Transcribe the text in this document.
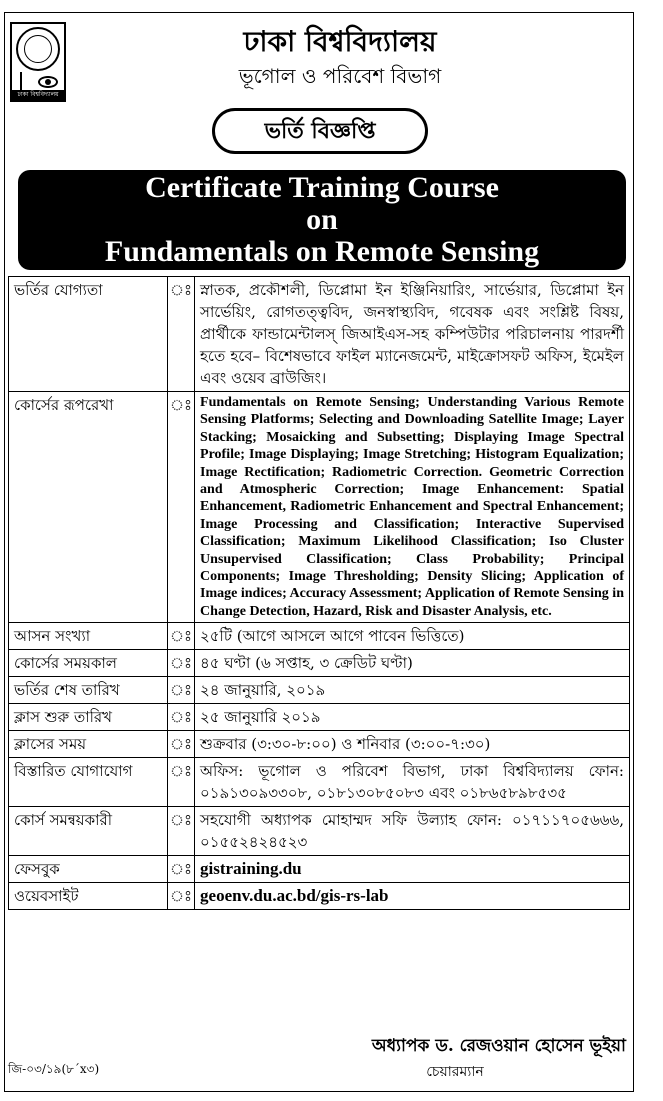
ঢাকা বিশ্ববিদ্যালয়
ঢাকা বিশ্ববিদ্যালয়
ভূগোল ও পরিবেশ বিভাগ
ভর্তি বিজ্ঞপ্তি
Certificate Training Course
on
Fundamentals on Remote Sensing
ভর্তির যোগ্যতা	ঃ	স্নাতক, প্রকৌশলী, ডিপ্লোমা ইন ইঞ্জিনিয়ারিং, সার্ভেয়ার, ডিপ্লোমা ইন সার্ভেয়িং, রোগতত্ত্ববিদ, জনস্বাস্থ্যবিদ, গবেষক এবং সংশ্লিষ্ট বিষয়, প্রার্থীকে ফান্ডামেন্টালস্ জিআইএস-সহ কম্পিউটার পরিচালনায় পারদর্শী হতে হবে– বিশেষভাবে ফাইল ম্যানেজমেন্ট, মাইক্রোসফট অফিস, ইমেইল এবং ওয়েব ব্রাউজিং।
কোর্সের রূপরেখা	ঃ	Fundamentals on Remote Sensing; Understanding Various Remote Sensing Platforms; Selecting and Downloading Satellite Image; Layer Stacking; Mosaicking and Subsetting; Displaying Image Spectral Profile; Image Displaying; Image Stretching; Histogram Equalization; Image Rectification; Radiometric Correction. Geometric Correction and Atmospheric Correction; Image Enhancement: Spatial Enhancement, Radiometric Enhancement and Spectral Enhancement; Image Processing and Classification; Interactive Supervised Classification; Maximum Likelihood Classification; Iso Cluster Unsupervised Classification; Class Probability; Principal Components; Image Thresholding; Density Slicing; Application of Image indices; Accuracy Assessment; Application of Remote Sensing in Change Detection, Hazard, Risk and Disaster Analysis, etc.
আসন সংখ্যা	ঃ	২৫টি (আগে আসলে আগে পাবেন ভিত্তিতে)
কোর্সের সময়কাল	ঃ	৪৫ ঘণ্টা (৬ সপ্তাহ, ৩ ক্রেডিট ঘণ্টা)
ভর্তির শেষ তারিখ	ঃ	২৪ জানুয়ারি, ২০১৯
ক্লাস শুরু তারিখ	ঃ	২৫ জানুয়ারি ২০১৯
ক্লাসের সময়	ঃ	শুক্রবার (৩:৩০-৮:০০) ও শনিবার (৩:০০-৭:৩০)
বিস্তারিত যোগাযোগ	ঃ	অফিস: ভূগোল ও পরিবেশ বিভাগ, ঢাকা বিশ্ববিদ্যালয় ফোন: ০১৯১৩০৯৩৩০৮, ০১৮১৩০৮৫০৮৩ এবং ০১৮৬৫৮৯৮৫৩৫
কোর্স সমন্বয়কারী	ঃ	সহযোগী অধ্যাপক মোহাম্মদ সফি উল্যাহ ফোন: ০১৭১১৭০৫৬৬৬, ০১৫৫২৪২৪৫২৩
ফেসবুক	ঃ	gistraining.du
ওয়েবসাইট	ঃ	geoenv.du.ac.bd/gis-rs-lab
অধ্যাপক ড. রেজওয়ান হোসেন ভূইয়া
চেয়ারম্যান
জি-০৩/১৯(৮´x৩)
